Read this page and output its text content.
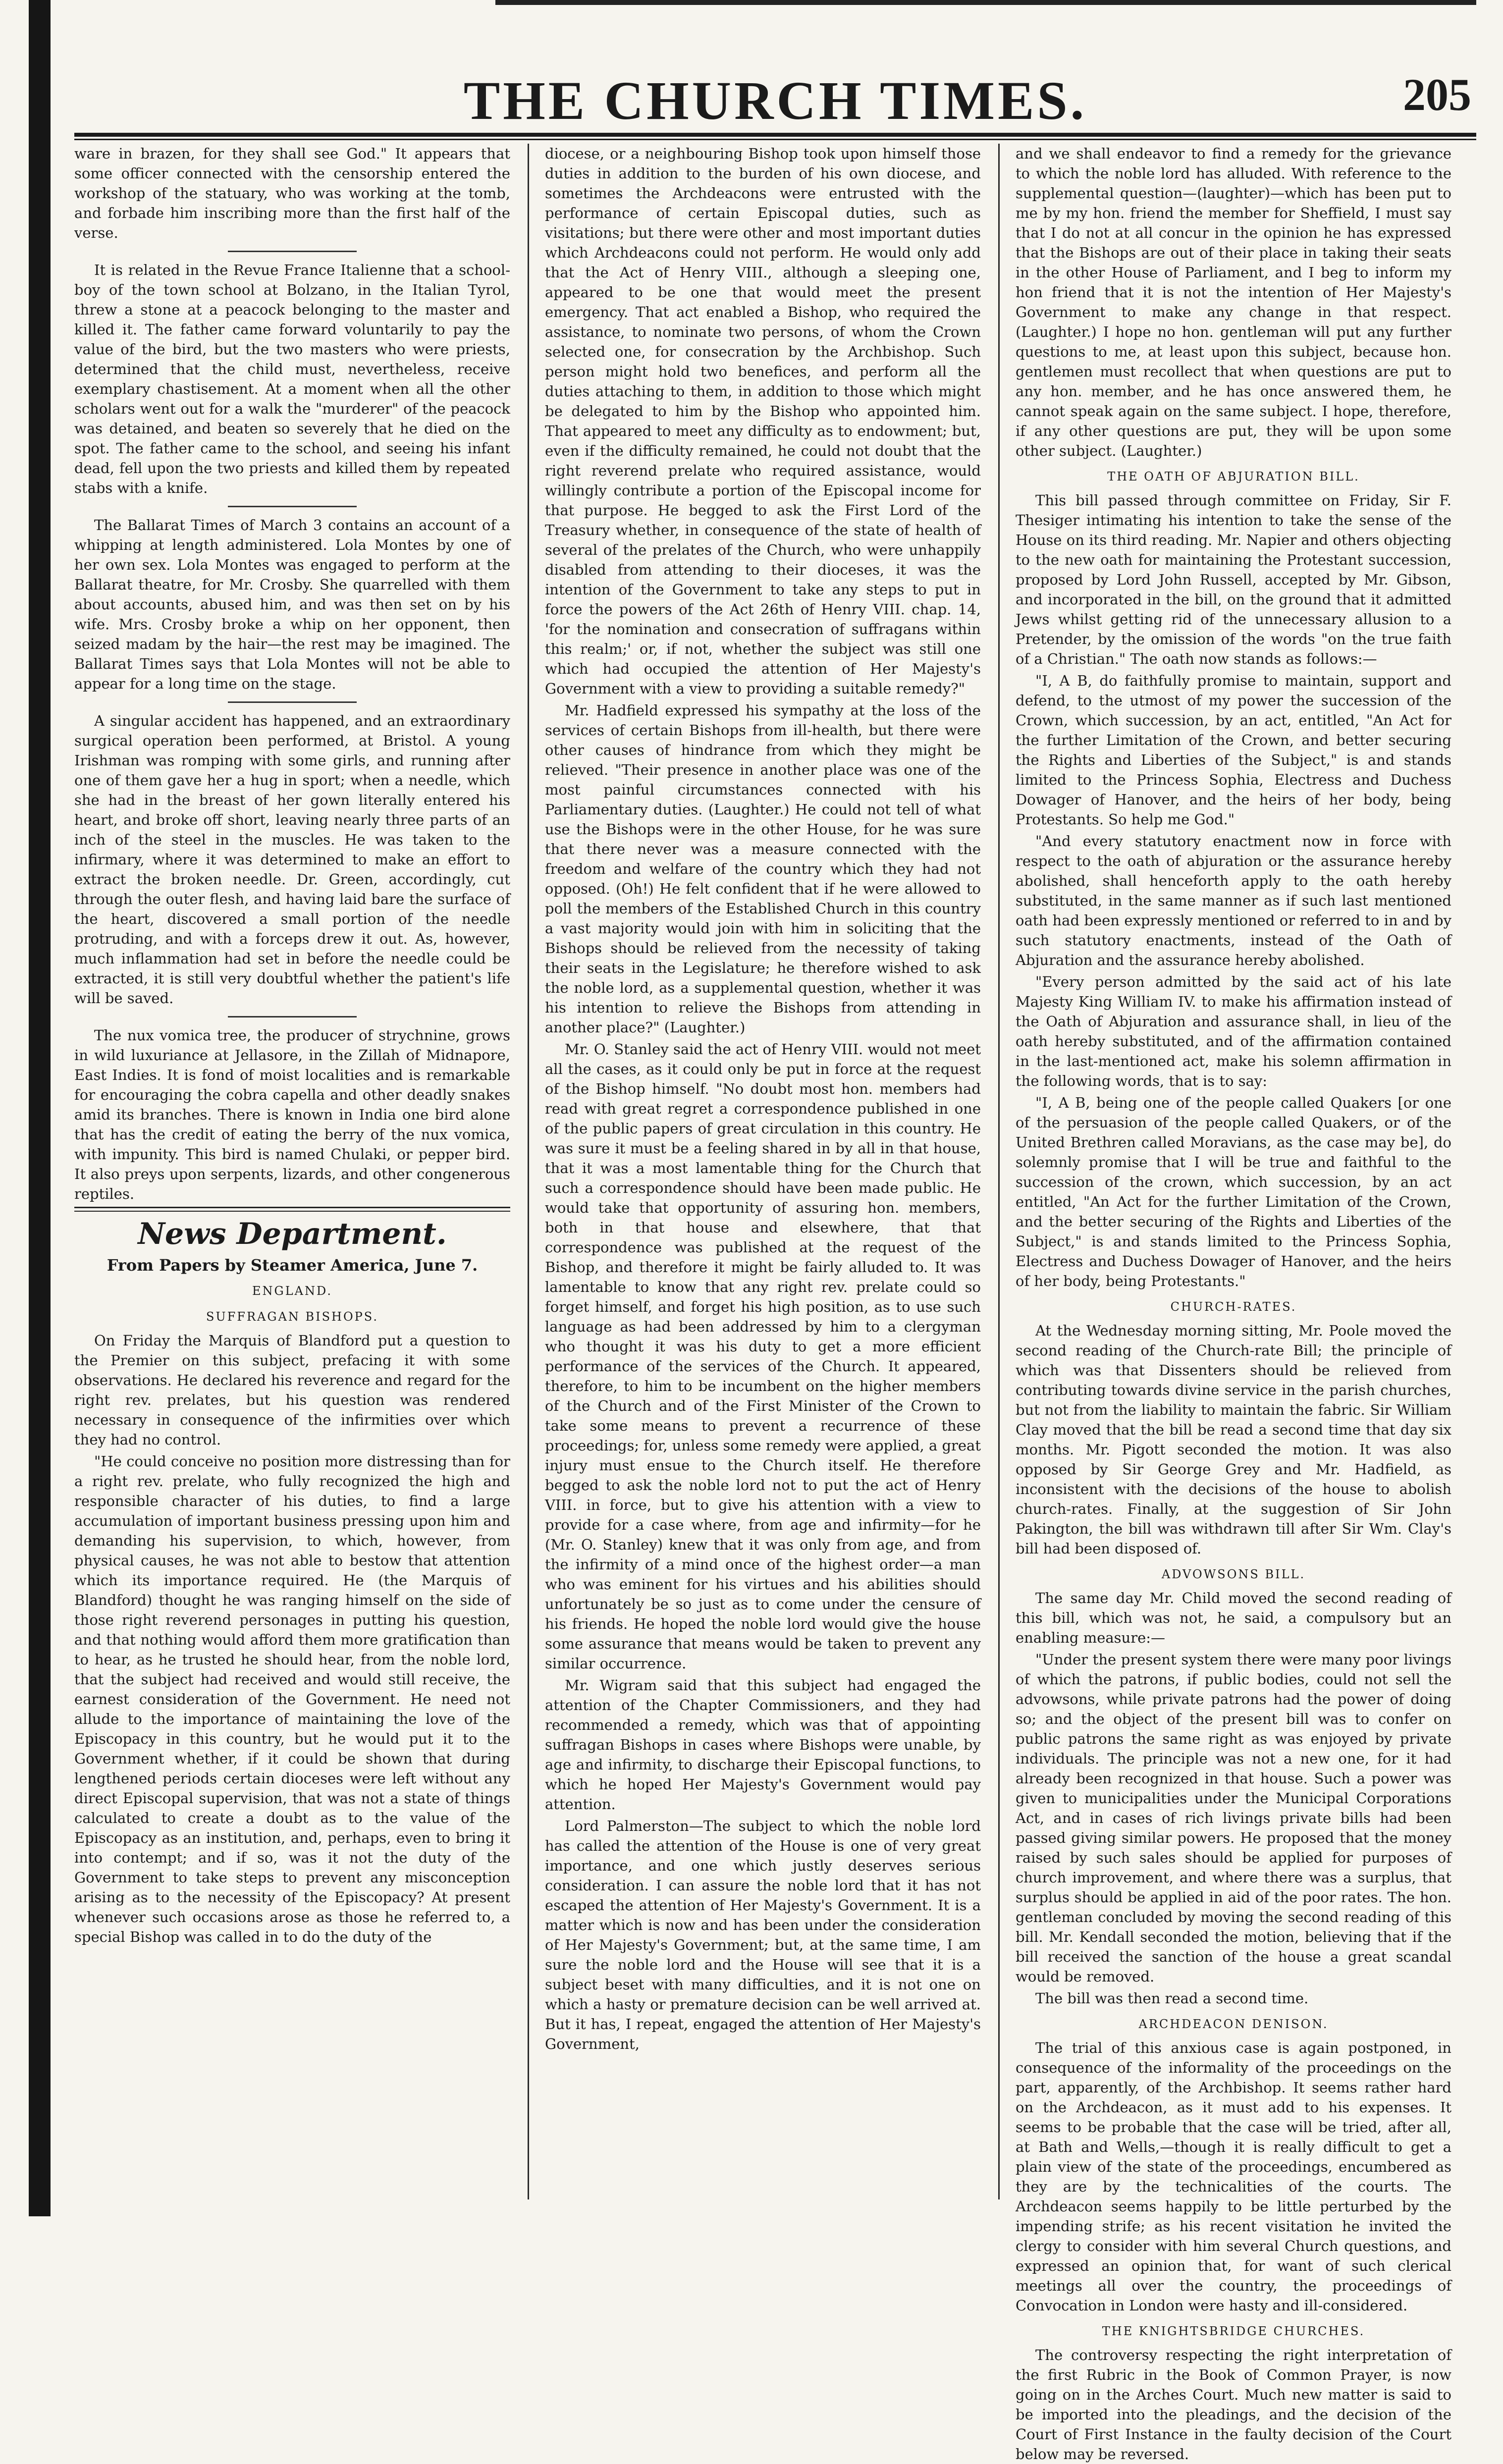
THE CHURCH TIMES.	205

ware in brazen, for they shall see God." It appears that some officer connected with the censorship entered the workshop of the statuary, who was working at the tomb, and forbade him inscribing more than the first half of the verse.

It is related in the Revue France Italienne that a school-boy of the town school at Bolzano, in the Italian Tyrol, threw a stone at a peacock belonging to the master and killed it. The father came forward voluntarily to pay the value of the bird, but the two masters who were priests, determined that the child must, nevertheless, receive exemplary chastisement. At a moment when all the other scholars went out for a walk the "murderer" of the peacock was detained, and beaten so severely that he died on the spot. The father came to the school, and seeing his infant dead, fell upon the two priests and killed them by repeated stabs with a knife.

The Ballarat Times of March 3 contains an account of a whipping at length administered. Lola Montes by one of her own sex. Lola Montes was engaged to perform at the Ballarat theatre, for Mr. Crosby. She quarrelled with them about accounts, abused him, and was then set on by his wife. Mrs. Crosby broke a whip on her opponent, then seized madam by the hair—the rest may be imagined. The Ballarat Times says that Lola Montes will not be able to appear for a long time on the stage.

A singular accident has happened, and an extraordinary surgical operation been performed, at Bristol. A young Irishman was romping with some girls, and running after one of them gave her a hug in sport; when a needle, which she had in the breast of her gown literally entered his heart, and broke off short, leaving nearly three parts of an inch of the steel in the muscles. He was taken to the infirmary, where it was determined to make an effort to extract the broken needle. Dr. Green, accordingly, cut through the outer flesh, and having laid bare the surface of the heart, discovered a small portion of the needle protruding, and with a forceps drew it out. As, however, much inflammation had set in before the needle could be extracted, it is still very doubtful whether the patient's life will be saved.

The nux vomica tree, the producer of strychnine, grows in wild luxuriance at Jellasore, in the Zillah of Midnapore, East Indies. It is fond of moist localities and is remarkable for encouraging the cobra capella and other deadly snakes amid its branches. There is known in India one bird alone that has the credit of eating the berry of the nux vomica, with impunity. This bird is named Chulaki, or pepper bird. It also preys upon serpents, lizards, and other congenerous reptiles.

News Department.
From Papers by Steamer America, June 7.
ENGLAND.
SUFFRAGAN BISHOPS.

On Friday the Marquis of Blandford put a question to the Premier on this subject, prefacing it with some observations. He declared his reverence and regard for the right rev. prelates, but his question was rendered necessary in consequence of the infirmities over which they had no control.

"He could conceive no position more distressing than for a right rev. prelate, who fully recognized the high and responsible character of his duties, to find a large accumulation of important business pressing upon him and demanding his supervision, to which, however, from physical causes, he was not able to bestow that attention which its importance required. He (the Marquis of Blandford) thought he was ranging himself on the side of those right reverend personages in putting his question, and that nothing would afford them more gratification than to hear, as he trusted he should hear, from the noble lord, that the subject had received and would still receive, the earnest consideration of the Government. He need not allude to the importance of maintaining the love of the Episcopacy in this country, but he would put it to the Government whether, if it could be shown that during lengthened periods certain dioceses were left without any direct Episcopal supervision, that was not a state of things calculated to create a doubt as to the value of the Episcopacy as an institution, and, perhaps, even to bring it into contempt; and if so, was it not the duty of the Government to take steps to prevent any misconception arising as to the necessity of the Episcopacy? At present whenever such occasions arose as those he referred to, a special Bishop was called in to do the duty of the

diocese, or a neighbouring Bishop took upon himself those duties in addition to the burden of his own diocese, and sometimes the Archdeacons were entrusted with the performance of certain Episcopal duties, such as visitations; but there were other and most important duties which Archdeacons could not perform. He would only add that the Act of Henry VIII., although a sleeping one, appeared to be one that would meet the present emergency. That act enabled a Bishop, who required the assistance, to nominate two persons, of whom the Crown selected one, for consecration by the Archbishop. Such person might hold two benefices, and perform all the duties attaching to them, in addition to those which might be delegated to him by the Bishop who appointed him. That appeared to meet any difficulty as to endowment; but, even if the difficulty remained, he could not doubt that the right reverend prelate who required assistance, would willingly contribute a portion of the Episcopal income for that purpose. He begged to ask the First Lord of the Treasury whether, in consequence of the state of health of several of the prelates of the Church, who were unhappily disabled from attending to their dioceses, it was the intention of the Government to take any steps to put in force the powers of the Act 26th of Henry VIII. chap. 14, 'for the nomination and consecration of suffragans within this realm;' or, if not, whether the subject was still one which had occupied the attention of Her Majesty's Government with a view to providing a suitable remedy?"

Mr. Hadfield expressed his sympathy at the loss of the services of certain Bishops from ill-health, but there were other causes of hindrance from which they might be relieved. "Their presence in another place was one of the most painful circumstances connected with his Parliamentary duties. (Laughter.) He could not tell of what use the Bishops were in the other House, for he was sure that there never was a measure connected with the freedom and welfare of the country which they had not opposed. (Oh!) He felt confident that if he were allowed to poll the members of the Established Church in this country a vast majority would join with him in soliciting that the Bishops should be relieved from the necessity of taking their seats in the Legislature; he therefore wished to ask the noble lord, as a supplemental question, whether it was his intention to relieve the Bishops from attending in another place?" (Laughter.)

Mr. O. Stanley said the act of Henry VIII. would not meet all the cases, as it could only be put in force at the request of the Bishop himself. "No doubt most hon. members had read with great regret a correspondence published in one of the public papers of great circulation in this country. He was sure it must be a feeling shared in by all in that house, that it was a most lamentable thing for the Church that such a correspondence should have been made public. He would take that opportunity of assuring hon. members, both in that house and elsewhere, that that correspondence was published at the request of the Bishop, and therefore it might be fairly alluded to. It was lamentable to know that any right rev. prelate could so forget himself, and forget his high position, as to use such language as had been addressed by him to a clergyman who thought it was his duty to get a more efficient performance of the services of the Church. It appeared, therefore, to him to be incumbent on the higher members of the Church and of the First Minister of the Crown to take some means to prevent a recurrence of these proceedings; for, unless some remedy were applied, a great injury must ensue to the Church itself. He therefore begged to ask the noble lord not to put the act of Henry VIII. in force, but to give his attention with a view to provide for a case where, from age and infirmity—for he (Mr. O. Stanley) knew that it was only from age, and from the infirmity of a mind once of the highest order—a man who was eminent for his virtues and his abilities should unfortunately be so just as to come under the censure of his friends. He hoped the noble lord would give the house some assurance that means would be taken to prevent any similar occurrence.

Mr. Wigram said that this subject had engaged the attention of the Chapter Commissioners, and they had recommended a remedy, which was that of appointing suffragan Bishops in cases where Bishops were unable, by age and infirmity, to discharge their Episcopal functions, to which he hoped Her Majesty's Government would pay attention.

Lord Palmerston—The subject to which the noble lord has called the attention of the House is one of very great importance, and one which justly deserves serious consideration. I can assure the noble lord that it has not escaped the attention of Her Majesty's Government. It is a matter which is now and has been under the consideration of Her Majesty's Government; but, at the same time, I am sure the noble lord and the House will see that it is a subject beset with many difficulties, and it is not one on which a hasty or premature decision can be well arrived at. But it has, I repeat, engaged the attention of Her Majesty's Government,

and we shall endeavor to find a remedy for the grievance to which the noble lord has alluded. With reference to the supplemental question—(laughter)—which has been put to me by my hon. friend the member for Sheffield, I must say that I do not at all concur in the opinion he has expressed that the Bishops are out of their place in taking their seats in the other House of Parliament, and I beg to inform my hon friend that it is not the intention of Her Majesty's Government to make any change in that respect. (Laughter.) I hope no hon. gentleman will put any further questions to me, at least upon this subject, because hon. gentlemen must recollect that when questions are put to any hon. member, and he has once answered them, he cannot speak again on the same subject. I hope, therefore, if any other questions are put, they will be upon some other subject. (Laughter.)

THE OATH OF ABJURATION BILL.

This bill passed through committee on Friday, Sir F. Thesiger intimating his intention to take the sense of the House on its third reading. Mr. Napier and others objecting to the new oath for maintaining the Protestant succession, proposed by Lord John Russell, accepted by Mr. Gibson, and incorporated in the bill, on the ground that it admitted Jews whilst getting rid of the unnecessary allusion to a Pretender, by the omission of the words "on the true faith of a Christian." The oath now stands as follows:—

"I, A B, do faithfully promise to maintain, support and defend, to the utmost of my power the succession of the Crown, which succession, by an act, entitled, "An Act for the further Limitation of the Crown, and better securing the Rights and Liberties of the Subject," is and stands limited to the Princess Sophia, Electress and Duchess Dowager of Hanover, and the heirs of her body, being Protestants. So help me God."

"And every statutory enactment now in force with respect to the oath of abjuration or the assurance hereby abolished, shall henceforth apply to the oath hereby substituted, in the same manner as if such last mentioned oath had been expressly mentioned or referred to in and by such statutory enactments, instead of the Oath of Abjuration and the assurance hereby abolished.

"Every person admitted by the said act of his late Majesty King William IV. to make his affirmation instead of the Oath of Abjuration and assurance shall, in lieu of the oath hereby substituted, and of the affirmation contained in the last-mentioned act, make his solemn affirmation in the following words, that is to say:

"I, A B, being one of the people called Quakers [or one of the persuasion of the people called Quakers, or of the United Brethren called Moravians, as the case may be], do solemnly promise that I will be true and faithful to the succession of the crown, which succession, by an act entitled, "An Act for the further Limitation of the Crown, and the better securing of the Rights and Liberties of the Subject," is and stands limited to the Princess Sophia, Electress and Duchess Dowager of Hanover, and the heirs of her body, being Protestants."

CHURCH-RATES.

At the Wednesday morning sitting, Mr. Poole moved the second reading of the Church-rate Bill; the principle of which was that Dissenters should be relieved from contributing towards divine service in the parish churches, but not from the liability to maintain the fabric. Sir William Clay moved that the bill be read a second time that day six months. Mr. Pigott seconded the motion. It was also opposed by Sir George Grey and Mr. Hadfield, as inconsistent with the decisions of the house to abolish church-rates. Finally, at the suggestion of Sir John Pakington, the bill was withdrawn till after Sir Wm. Clay's bill had been disposed of.

ADVOWSONS BILL.

The same day Mr. Child moved the second reading of this bill, which was not, he said, a compulsory but an enabling measure:—

"Under the present system there were many poor livings of which the patrons, if public bodies, could not sell the advowsons, while private patrons had the power of doing so; and the object of the present bill was to confer on public patrons the same right as was enjoyed by private individuals. The principle was not a new one, for it had already been recognized in that house. Such a power was given to municipalities under the Municipal Corporations Act, and in cases of rich livings private bills had been passed giving similar powers. He proposed that the money raised by such sales should be applied for purposes of church improvement, and where there was a surplus, that surplus should be applied in aid of the poor rates. The hon. gentleman concluded by moving the second reading of this bill. Mr. Kendall seconded the motion, believing that if the bill received the sanction of the house a great scandal would be removed.

The bill was then read a second time.

ARCHDEACON DENISON.

The trial of this anxious case is again postponed, in consequence of the informality of the proceedings on the part, apparently, of the Archbishop. It seems rather hard on the Archdeacon, as it must add to his expenses. It seems to be probable that the case will be tried, after all, at Bath and Wells,—though it is really difficult to get a plain view of the state of the proceedings, encumbered as they are by the technicalities of the courts. The Archdeacon seems happily to be little perturbed by the impending strife; as his recent visitation he invited the clergy to consider with him several Church questions, and expressed an opinion that, for want of such clerical meetings all over the country, the proceedings of Convocation in London were hasty and ill-considered.

THE KNIGHTSBRIDGE CHURCHES.

The controversy respecting the right interpretation of the first Rubric in the Book of Common Prayer, is now going on in the Arches Court. Much new matter is said to be imported into the pleadings, and the decision of the Court of First Instance in the faulty decision of the Court below may be reversed.
